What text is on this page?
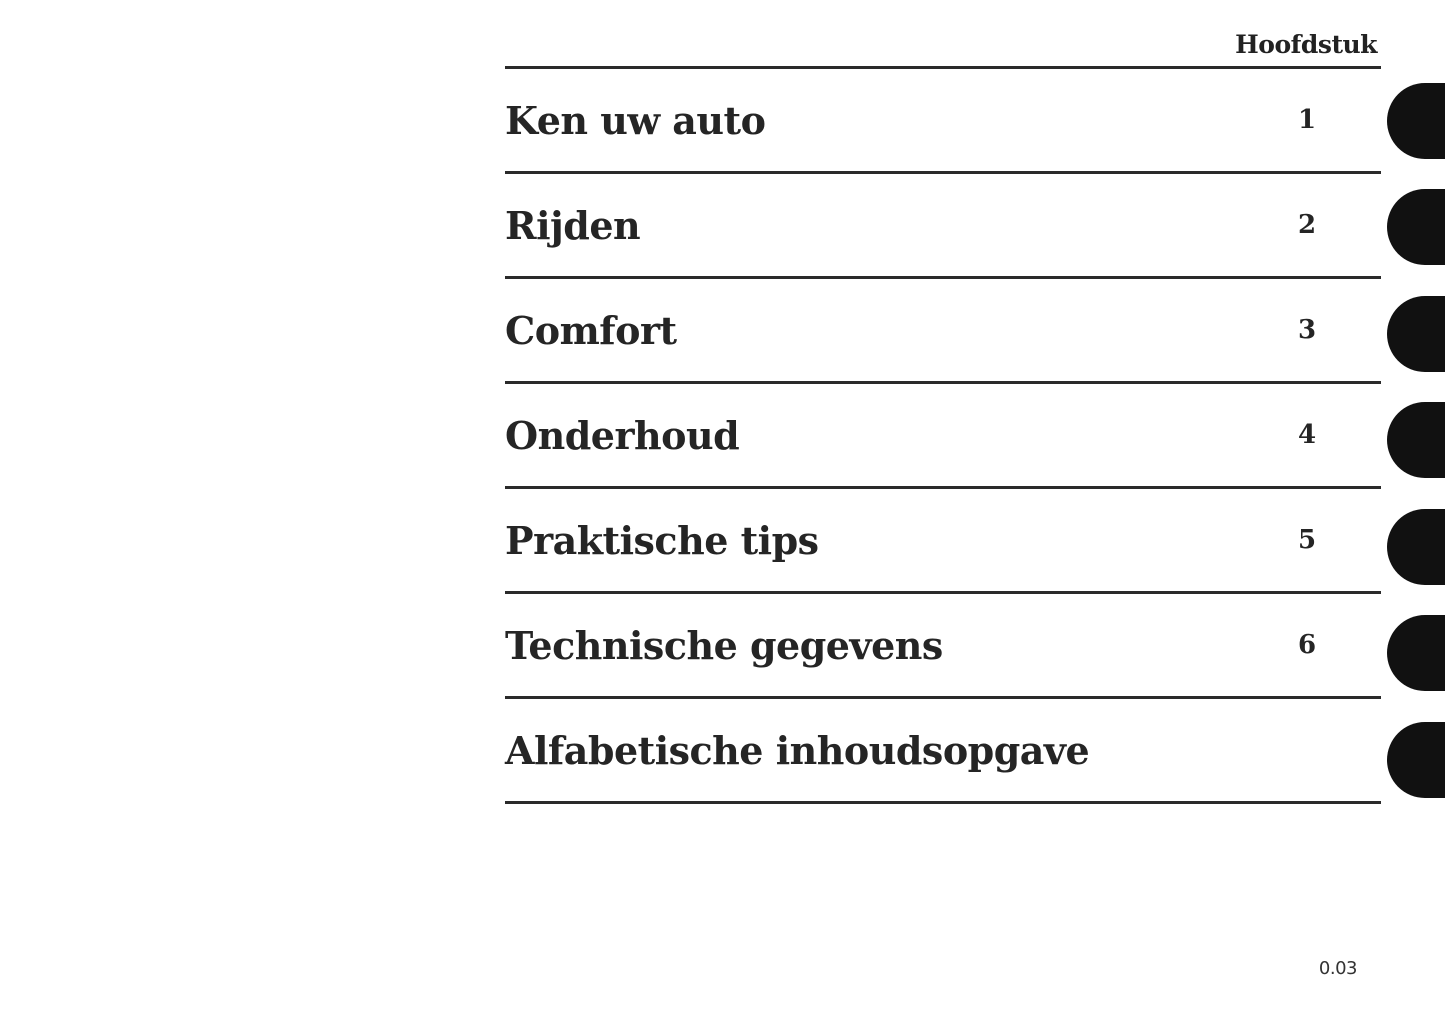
Hoofdstuk
Ken uw auto	1
Rijden	2
Comfort	3
Onderhoud	4
Praktische tips	5
Technische gegevens	6
Alfabetische inhoudsopgave
0.03
